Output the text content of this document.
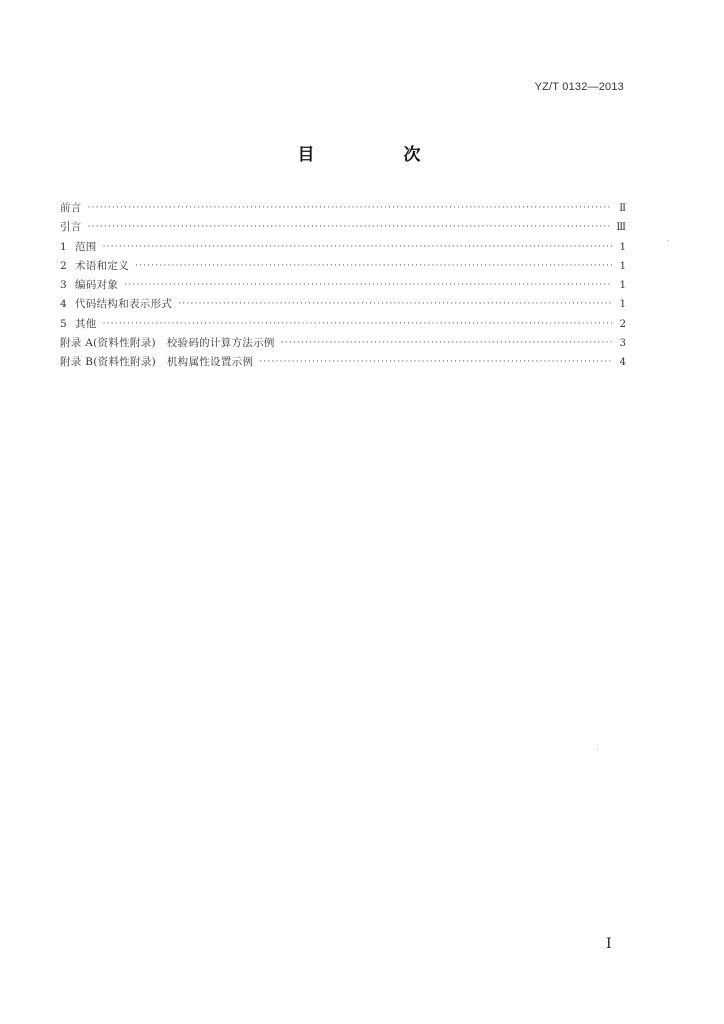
YZ/T 0132—2013
目　次
前言 ·····	Ⅱ
引言 ·····	Ⅲ
1 范围 ·····	1
2 术语和定义 ·····	1
3 编码对象 ·····	1
4 代码结构和表示形式 ·····	1
5 其他 ·····	2
附录 A(资料性附录)　校验码的计算方法示例 ·····	3
附录 B(资料性附录)　机构属性设置示例 ·····	4
Ⅰ
